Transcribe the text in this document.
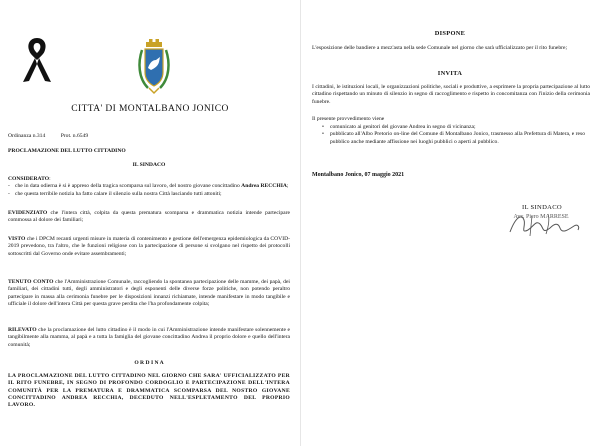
CITTA' DI MONTALBANO JONICO
Ordinanza n.314	Prot. n.6549
PROCLAMAZIONE DEL LUTTO CITTADINO
IL SINDACO
CONSIDERATO:
- che in data odierna è si è appreso della tragica scomparsa sul lavoro, del nostro giovane concittadino Andrea RECCHIA;
- che questa terribile notizia ha fatto calare il silenzio sulla nostra Città lasciando tutti attoniti;
EVIDENZIATO che l'intera città, colpita da questa prematura scomparsa e drammatica notizia intende partecipare commossa al dolore dei familiari;
VISTO che i DPCM recanti urgenti misure in materia di contenimento e gestione dell'emergenza epidemiologica da COVID-2019 prevedono, tra l'altro, che le funzioni religiose con la partecipazione di persone si svolgano nel rispetto dei protocolli sottoscritti dal Governo onde evitare assembramenti;
TENUTO CONTO che l'Amministrazione Comunale, raccogliendo la spontanea partecipazione delle mamme, dei papà, dei familiari, dei cittadini tutti, degli amministratori e degli esponenti delle diverse forze politiche, non potendo peraltro partecipare in massa alla cerimonia funebre per le disposizioni innanzi richiamate, intende manifestare in modo tangibile e ufficiale il dolore dell'intera Città per questa grave perdita che l'ha profondamente colpita;
RILEVATO che la proclamazione del lutto cittadino è il modo in cui l'Amministrazione intende manifestare solennemente e tangibilmente alla mamma, al papà e a tutta la famiglia del giovane concittadino Andrea il proprio dolore e quello dell'intera comunità;
O R D I N A
LA PROCLAMAZIONE DEL LUTTO CITTADINO NEL GIORNO CHE SARA' UFFICIALIZZATO PER IL RITO FUNEBRE, IN SEGNO DI PROFONDO CORDOGLIO E PARTECIPAZIONE DELL'INTERA COMUNITÀ PER LA PREMATURA E DRAMMATICA SCOMPARSA DEL NOSTRO GIOVANE CONCITTADINO ANDREA RECCHIA, DECEDUTO NELL'ESPLETAMENTO DEL PROPRIO LAVORO.
DISPONE
L'esposizione delle bandiere a mezz'asta nella sede Comunale nel giorno che sarà ufficializzato per il rito funebre;
INVITA
I cittadini, le istituzioni locali, le organizzazioni politiche, sociali e produttive, a esprimere la propria partecipazione al lutto cittadino rispettando un minuto di silenzio in segno di raccoglimento e rispetto in concomitanza con l'inizio della cerimonia funebre.
Il presente provvedimento viene
• comunicato ai genitori del giovane Andrea in segno di vicinanza;
• pubblicato all'Albo Pretorio on-line del Comune di Montalbano Jonico, trasmesso alla Prefettura di Matera, e reso pubblico anche mediante affissione nei luoghi pubblici o aperti al pubblico.
Montalbano Jonico, 07 maggio 2021
IL SINDACO
Avv. Piero MARRESE
